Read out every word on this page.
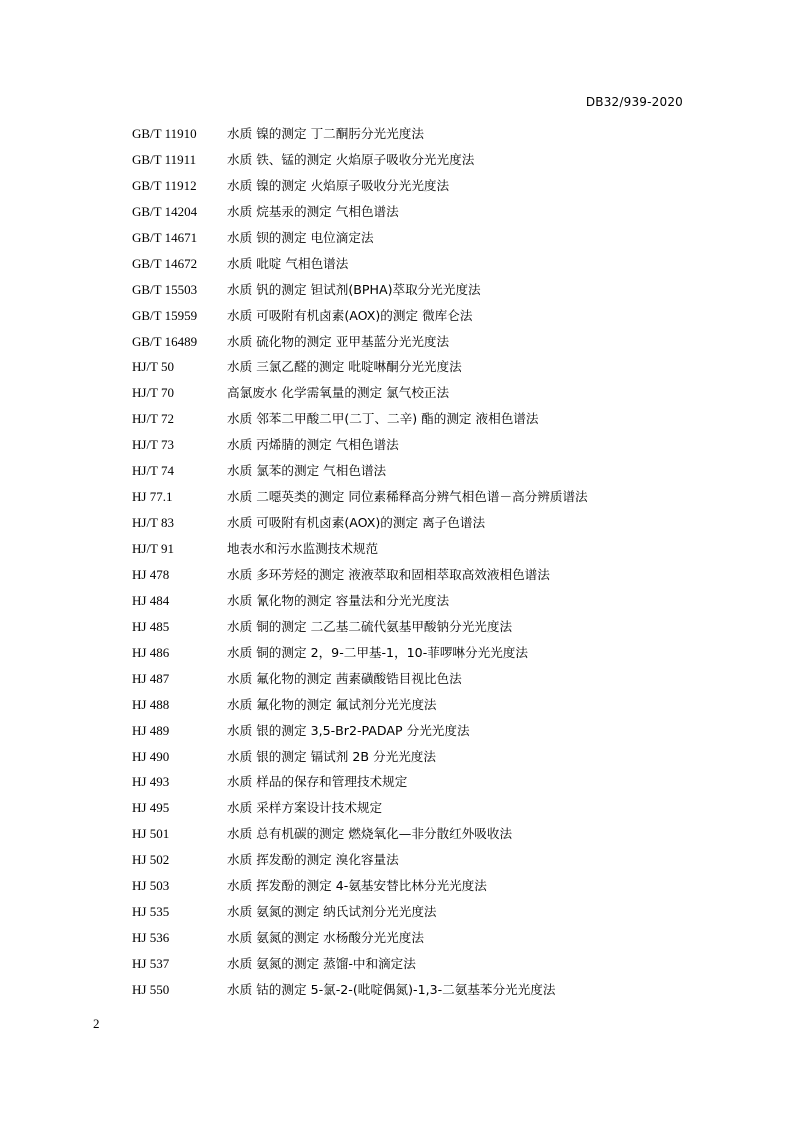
DB32/939-2020
GB/T 11910	水质 镍的测定 丁二酮肟分光光度法
GB/T 11911	水质 铁、锰的测定 火焰原子吸收分光光度法
GB/T 11912	水质 镍的测定 火焰原子吸收分光光度法
GB/T 14204	水质 烷基汞的测定 气相色谱法
GB/T 14671	水质 钡的测定 电位滴定法
GB/T 14672	水质 吡啶 气相色谱法
GB/T 15503	水质 钒的测定 钽试剂(BPHA)萃取分光光度法
GB/T 15959	水质 可吸附有机卤素(AOX)的测定 微库仑法
GB/T 16489	水质 硫化物的测定 亚甲基蓝分光光度法
HJ/T 50	水质 三氯乙醛的测定 吡啶啉酮分光光度法
HJ/T 70	高氯废水 化学需氧量的测定 氯气校正法
HJ/T 72	水质 邻苯二甲酸二甲(二丁、二辛) 酯的测定 液相色谱法
HJ/T 73	水质 丙烯腈的测定 气相色谱法
HJ/T 74	水质 氯苯的测定 气相色谱法
HJ 77.1	水质 二噁英类的测定 同位素稀释高分辨气相色谱－高分辨质谱法
HJ/T 83	水质 可吸附有机卤素(AOX)的测定 离子色谱法
HJ/T 91	地表水和污水监测技术规范
HJ 478	水质 多环芳烃的测定 液液萃取和固相萃取高效液相色谱法
HJ 484	水质 氰化物的测定 容量法和分光光度法
HJ 485	水质 铜的测定 二乙基二硫代氨基甲酸钠分光光度法
HJ 486	水质 铜的测定 2，9-二甲基-1，10-菲啰啉分光光度法
HJ 487	水质 氟化物的测定 茜素磺酸锆目视比色法
HJ 488	水质 氟化物的测定 氟试剂分光光度法
HJ 489	水质 银的测定 3,5-Br2-PADAP 分光光度法
HJ 490	水质 银的测定 镉试剂 2B 分光光度法
HJ 493	水质 样品的保存和管理技术规定
HJ 495	水质 采样方案设计技术规定
HJ 501	水质 总有机碳的测定 燃烧氧化—非分散红外吸收法
HJ 502	水质 挥发酚的测定 溴化容量法
HJ 503	水质 挥发酚的测定 4-氨基安替比林分光光度法
HJ 535	水质 氨氮的测定 纳氏试剂分光光度法
HJ 536	水质 氨氮的测定 水杨酸分光光度法
HJ 537	水质 氨氮的测定 蒸馏-中和滴定法
HJ 550	水质 钴的测定 5-氯-2-(吡啶偶氮)-1,3-二氨基苯分光光度法
2
